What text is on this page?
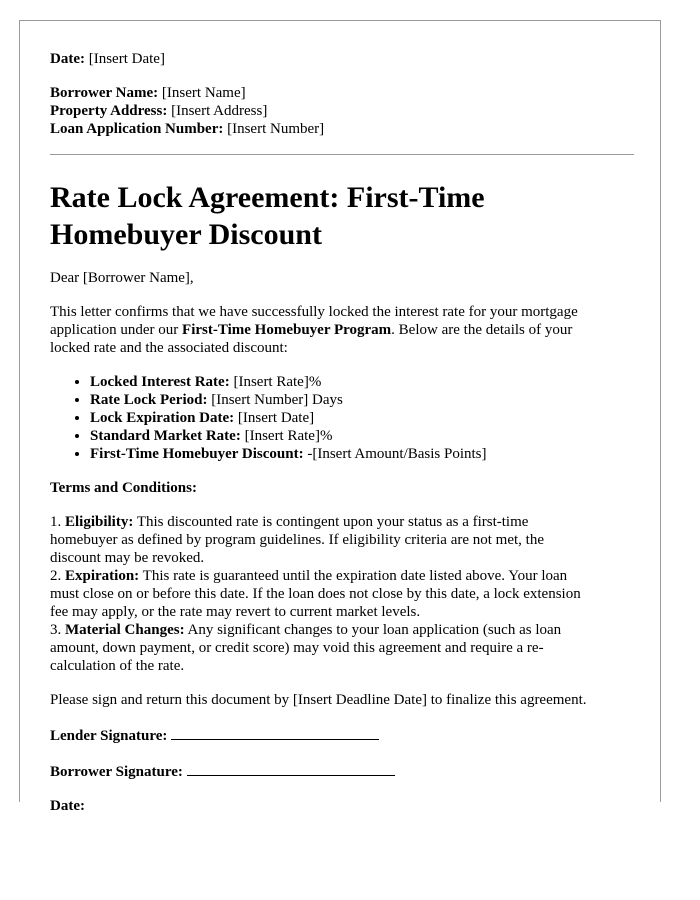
Date: [Insert Date]
Borrower Name: [Insert Name]
Property Address: [Insert Address]
Loan Application Number: [Insert Number]
Rate Lock Agreement: First-Time
Homebuyer Discount
Dear [Borrower Name],
This letter confirms that we have successfully locked the interest rate for your mortgage
application under our First-Time Homebuyer Program. Below are the details of your
locked rate and the associated discount:
• Locked Interest Rate: [Insert Rate]%
• Rate Lock Period: [Insert Number] Days
• Lock Expiration Date: [Insert Date]
• Standard Market Rate: [Insert Rate]%
• First-Time Homebuyer Discount: -[Insert Amount/Basis Points]
Terms and Conditions:
1. Eligibility: This discounted rate is contingent upon your status as a first-time
homebuyer as defined by program guidelines. If eligibility criteria are not met, the
discount may be revoked.
2. Expiration: This rate is guaranteed until the expiration date listed above. Your loan
must close on or before this date. If the loan does not close by this date, a lock extension
fee may apply, or the rate may revert to current market levels.
3. Material Changes: Any significant changes to your loan application (such as loan
amount, down payment, or credit score) may void this agreement and require a re-
calculation of the rate.
Please sign and return this document by [Insert Deadline Date] to finalize this agreement.
Lender Signature:
Borrower Signature:
Date:
